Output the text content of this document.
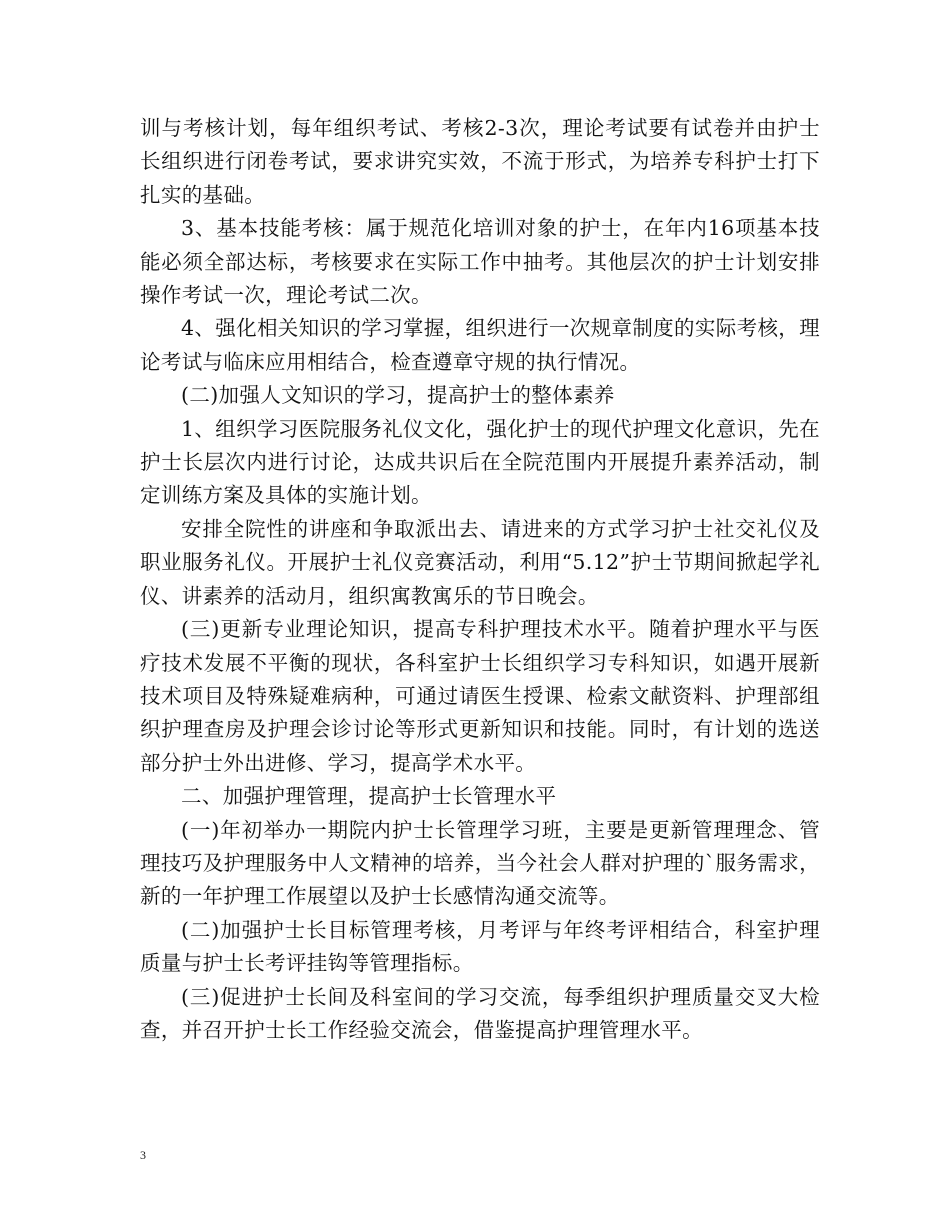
训与考核计划，每年组织考试、考核2-3次，理论考试要有试卷并由护士长组织进行闭卷考试，要求讲究实效，不流于形式，为培养专科护士打下扎实的基础。

3、基本技能考核：属于规范化培训对象的护士，在年内16项基本技能必须全部达标，考核要求在实际工作中抽考。其他层次的护士计划安排操作考试一次，理论考试二次。

4、强化相关知识的学习掌握，组织进行一次规章制度的实际考核，理论考试与临床应用相结合，检查遵章守规的执行情况。

(二)加强人文知识的学习，提高护士的整体素养

1、组织学习医院服务礼仪文化，强化护士的现代护理文化意识，先在护士长层次内进行讨论，达成共识后在全院范围内开展提升素养活动，制定训练方案及具体的实施计划。

安排全院性的讲座和争取派出去、请进来的方式学习护士社交礼仪及职业服务礼仪。开展护士礼仪竞赛活动，利用“5.12”护士节期间掀起学礼仪、讲素养的活动月，组织寓教寓乐的节日晚会。

(三)更新专业理论知识，提高专科护理技术水平。随着护理水平与医疗技术发展不平衡的现状，各科室护士长组织学习专科知识，如遇开展新技术项目及特殊疑难病种，可通过请医生授课、检索文献资料、护理部组织护理查房及护理会诊讨论等形式更新知识和技能。同时，有计划的选送部分护士外出进修、学习，提高学术水平。

二、加强护理管理，提高护士长管理水平

(一)年初举办一期院内护士长管理学习班，主要是更新管理理念、管理技巧及护理服务中人文精神的培养，当今社会人群对护理的`服务需求，新的一年护理工作展望以及护士长感情沟通交流等。

(二)加强护士长目标管理考核，月考评与年终考评相结合，科室护理质量与护士长考评挂钩等管理指标。

(三)促进护士长间及科室间的学习交流，每季组织护理质量交叉大检查，并召开护士长工作经验交流会，借鉴提高护理管理水平。

3
